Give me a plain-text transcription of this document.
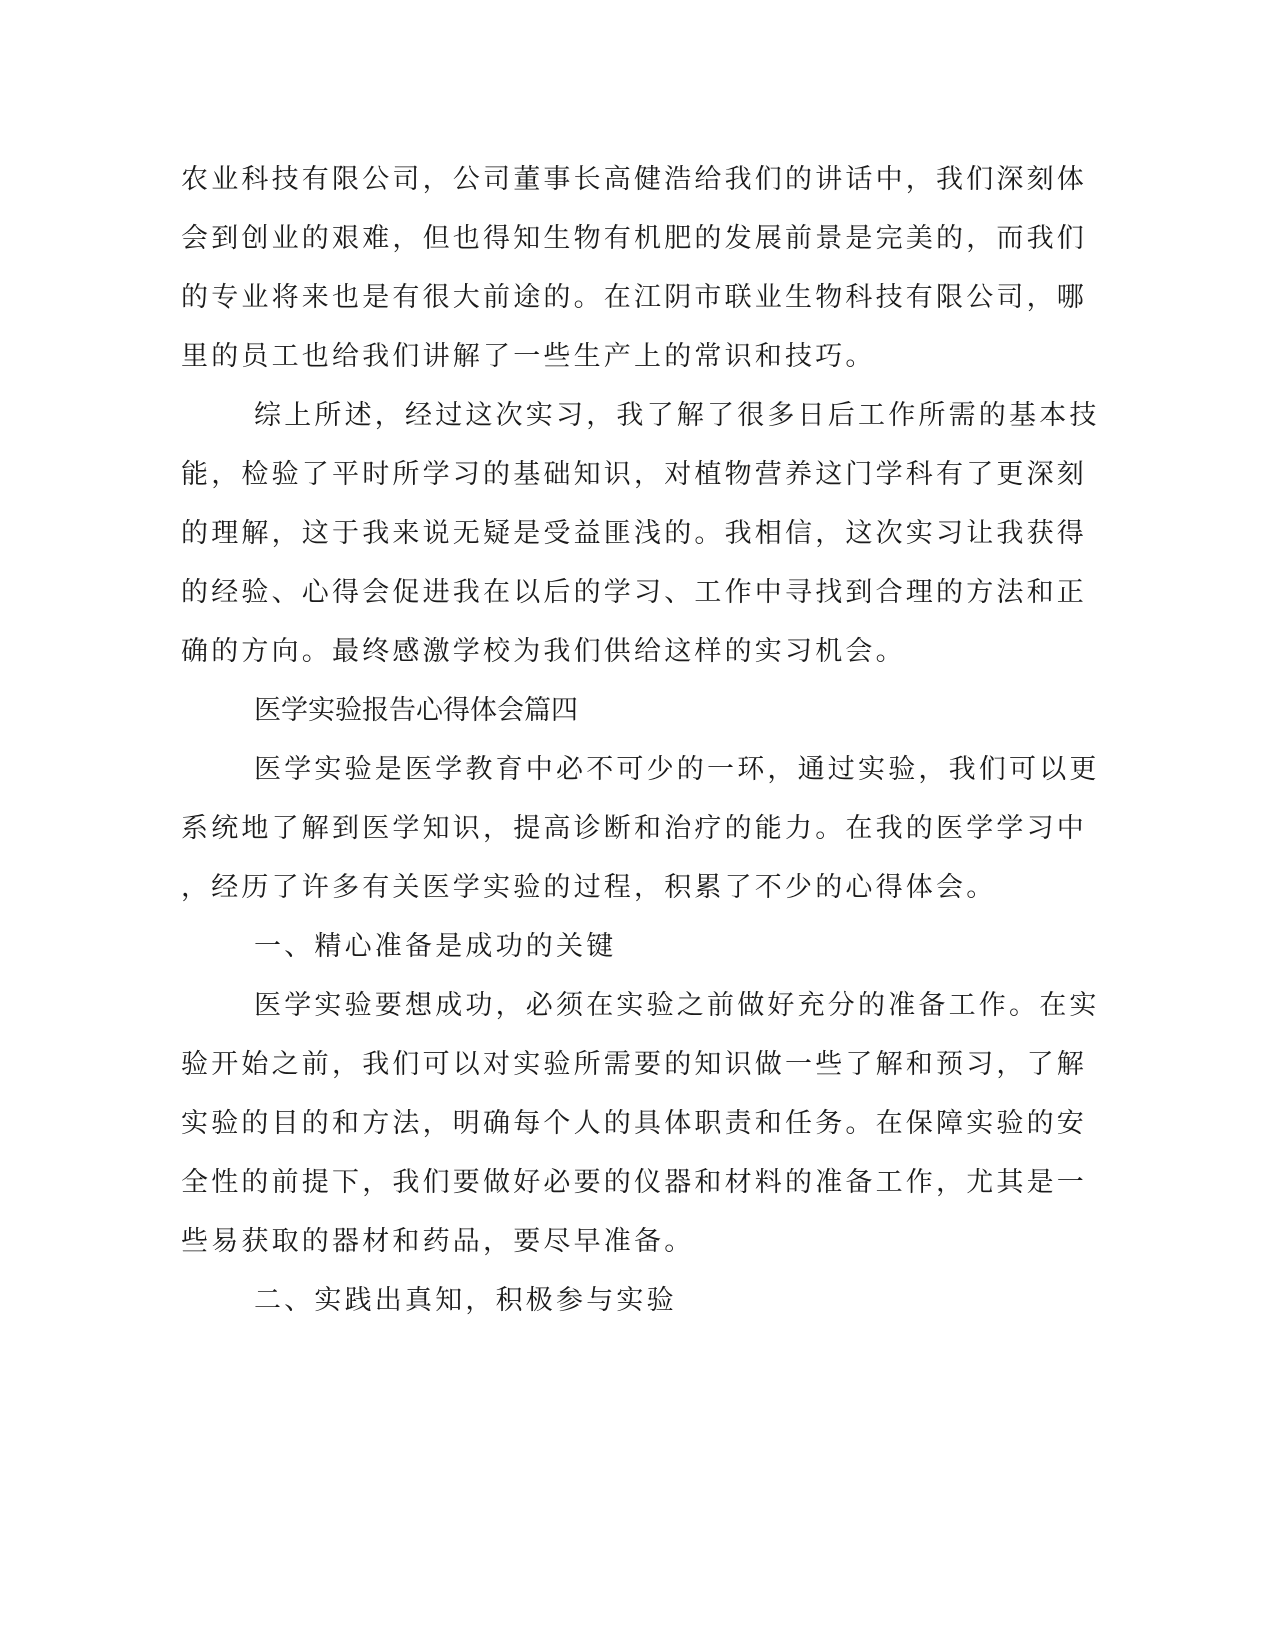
农业科技有限公司，公司董事长高健浩给我们的讲话中，我们深刻体
会到创业的艰难，但也得知生物有机肥的发展前景是完美的，而我们
的专业将来也是有很大前途的。在江阴市联业生物科技有限公司，哪
里的员工也给我们讲解了一些生产上的常识和技巧。
综上所述，经过这次实习，我了解了很多日后工作所需的基本技
能，检验了平时所学习的基础知识，对植物营养这门学科有了更深刻
的理解，这于我来说无疑是受益匪浅的。我相信，这次实习让我获得
的经验、心得会促进我在以后的学习、工作中寻找到合理的方法和正
确的方向。最终感激学校为我们供给这样的实习机会。
医学实验报告心得体会篇四
医学实验是医学教育中必不可少的一环，通过实验，我们可以更
系统地了解到医学知识，提高诊断和治疗的能力。在我的医学学习中
，经历了许多有关医学实验的过程，积累了不少的心得体会。
一、精心准备是成功的关键
医学实验要想成功，必须在实验之前做好充分的准备工作。在实
验开始之前，我们可以对实验所需要的知识做一些了解和预习，了解
实验的目的和方法，明确每个人的具体职责和任务。在保障实验的安
全性的前提下，我们要做好必要的仪器和材料的准备工作，尤其是一
些易获取的器材和药品，要尽早准备。
二、实践出真知，积极参与实验
